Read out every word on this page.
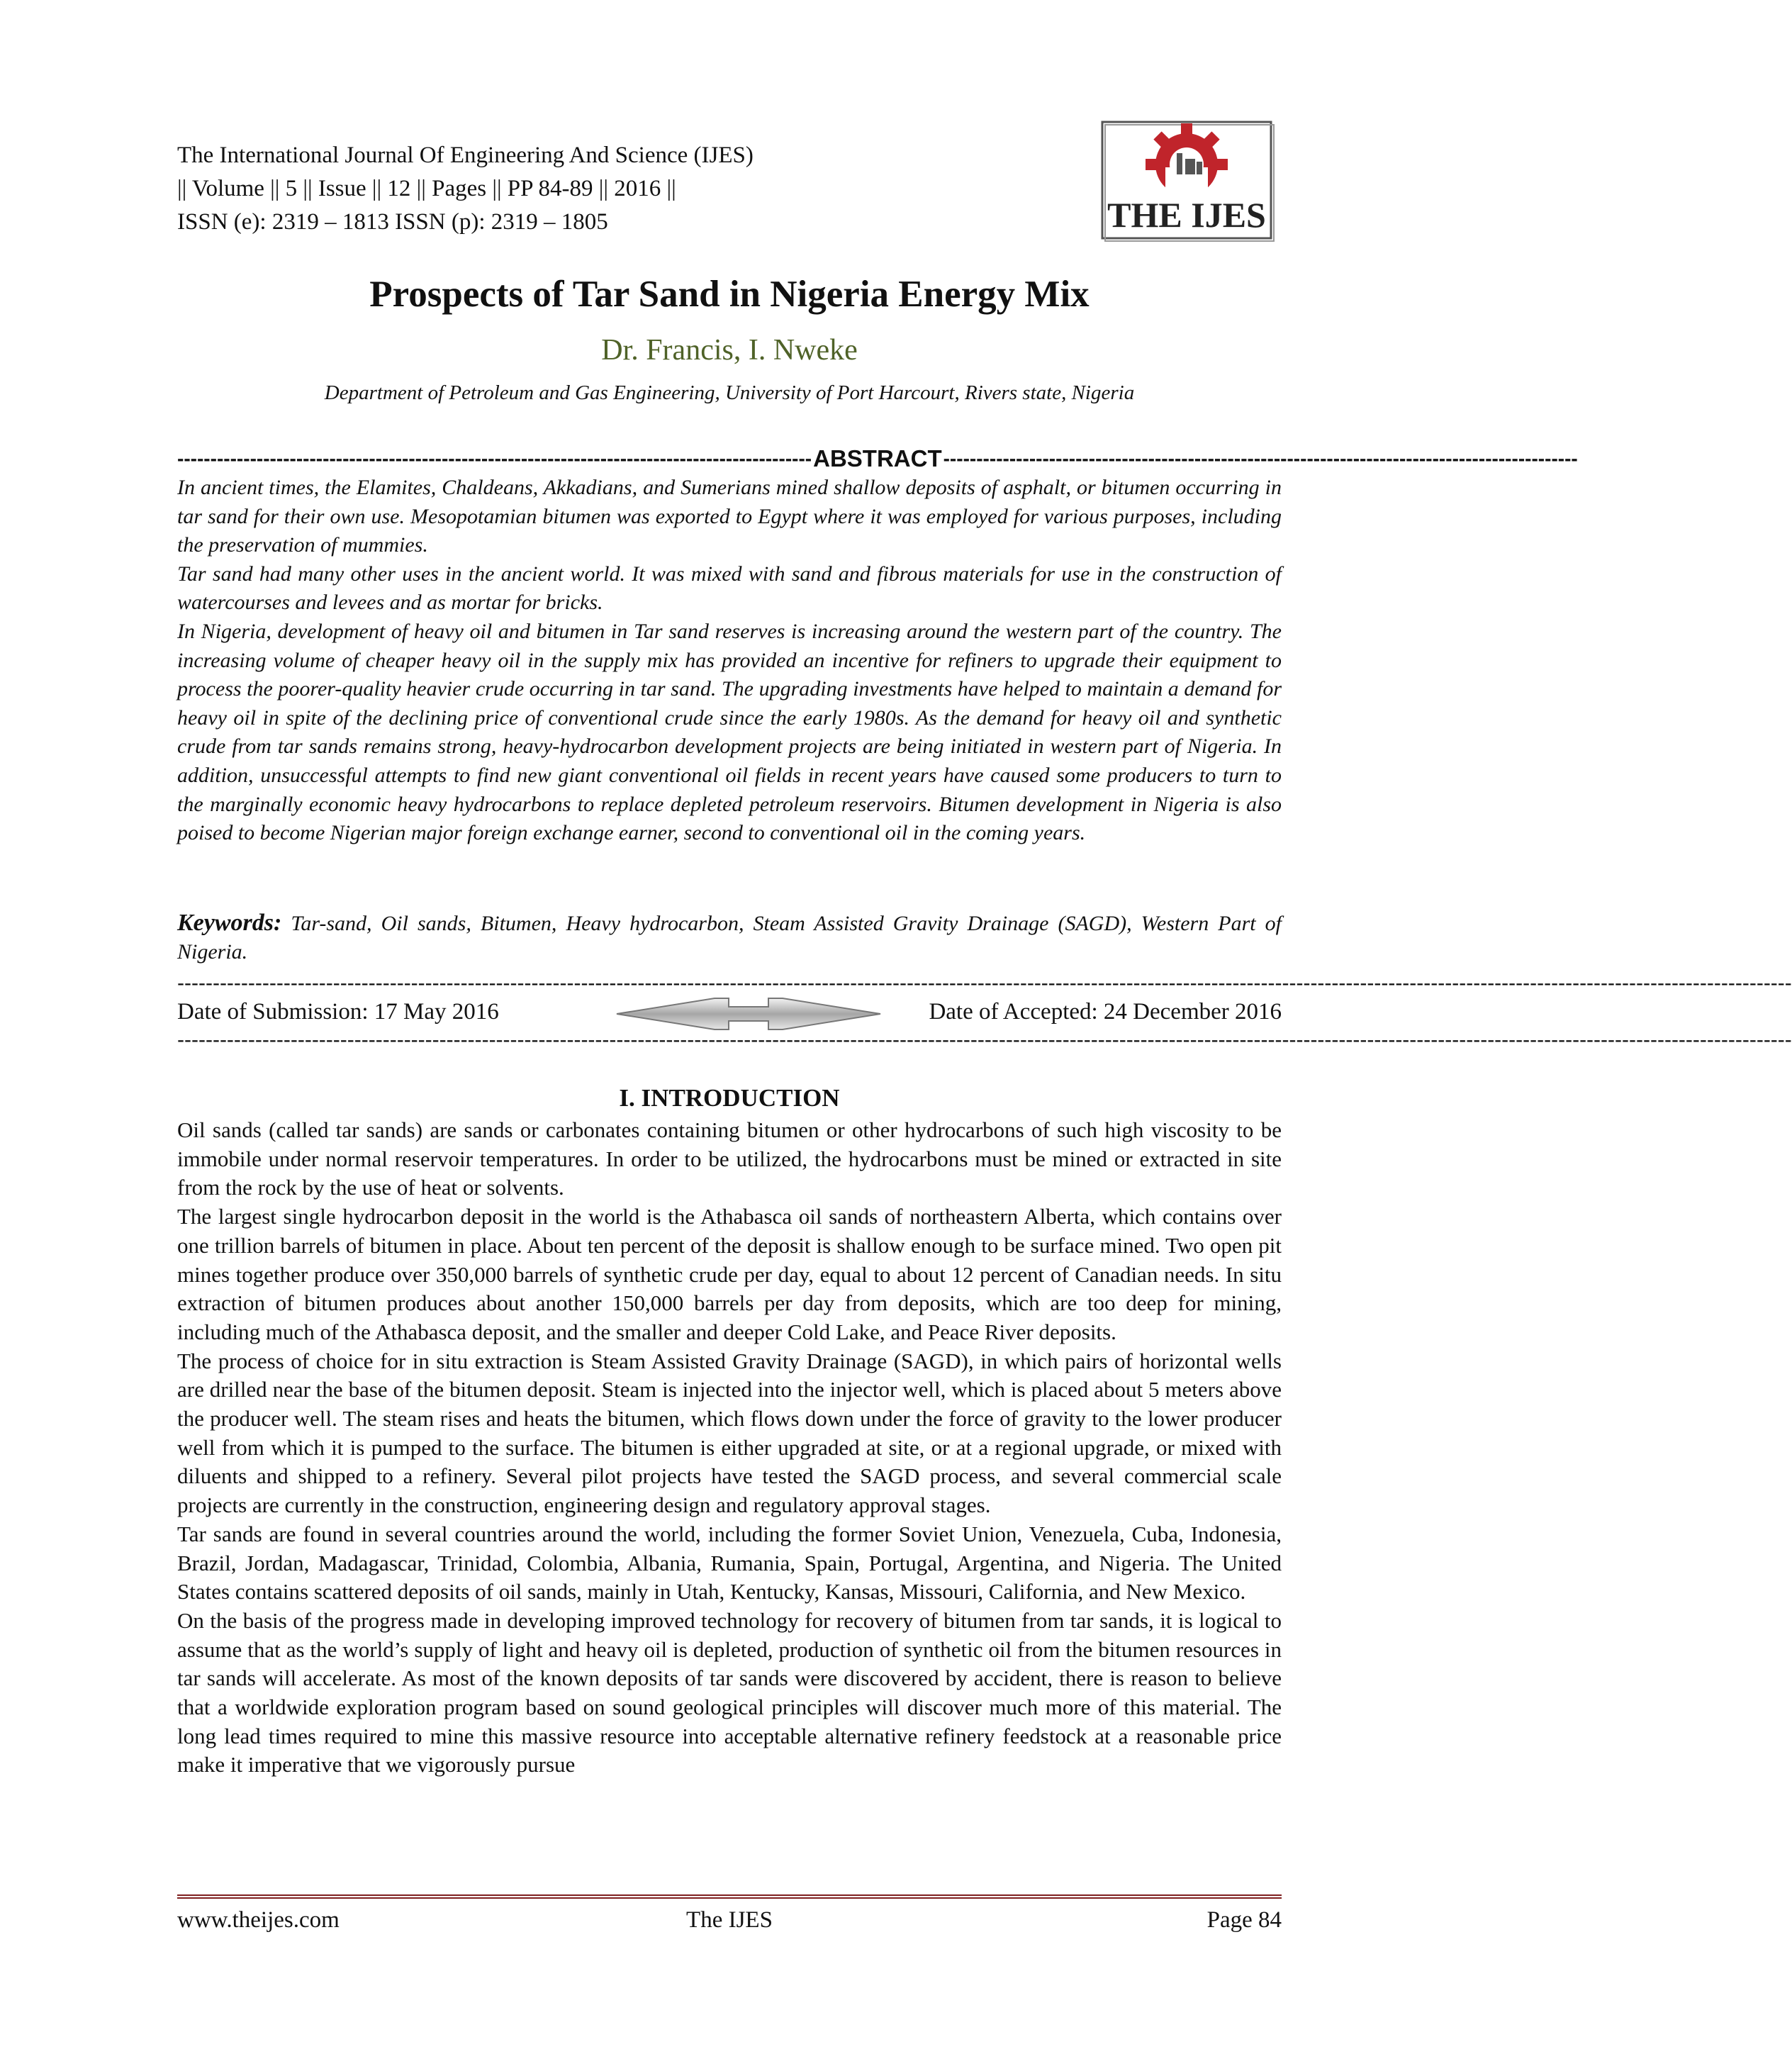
The International Journal Of Engineering And Science (IJES)
|| Volume || 5 || Issue || 12 || Pages || PP 84-89 || 2016 ||
ISSN (e): 2319 – 1813 ISSN (p): 2319 – 1805	THE IJES
Prospects of Tar Sand in Nigeria Energy Mix
Dr. Francis, I. Nweke
Department of Petroleum and Gas Engineering, University of Port Harcourt, Rivers state, Nigeria
------------------------------------------------------------------------------------------------ ABSTRACT ------------------------------------------------------------------------------------------------

In ancient times, the Elamites, Chaldeans, Akkadians, and Sumerians mined shallow deposits of asphalt, or bitumen occurring in tar sand for their own use. Mesopotamian bitumen was exported to Egypt where it was employed for various purposes, including the preservation of mummies.

Tar sand had many other uses in the ancient world. It was mixed with sand and fibrous materials for use in the construction of watercourses and levees and as mortar for bricks.

In Nigeria, development of heavy oil and bitumen in Tar sand reserves is increasing around the western part of the country. The increasing volume of cheaper heavy oil in the supply mix has provided an incentive for refiners to upgrade their equipment to process the poorer-quality heavier crude occurring in tar sand. The upgrading investments have helped to maintain a demand for heavy oil in spite of the declining price of conventional crude since the early 1980s. As the demand for heavy oil and synthetic crude from tar sands remains strong, heavy-hydrocarbon development projects are being initiated in western part of Nigeria. In addition, unsuccessful attempts to find new giant conventional oil fields in recent years have caused some producers to turn to the marginally economic heavy hydrocarbons to replace depleted petroleum reservoirs. Bitumen development in Nigeria is also poised to become Nigerian major foreign exchange earner, second to conventional oil in the coming years.

Keywords: Tar-sand, Oil sands, Bitumen, Heavy hydrocarbon, Steam Assisted Gravity Drainage (SAGD), Western Part of Nigeria.
------------------------------------------------------------------------------------------------------------------------------------------------------------------------------------------------------------------------------------
Date of Submission: 17 May 2016	Date of Accepted: 24 December 2016
------------------------------------------------------------------------------------------------------------------------------------------------------------------------------------------------------------------------------------
I. INTRODUCTION

Oil sands (called tar sands) are sands or carbonates containing bitumen or other hydrocarbons of such high viscosity to be immobile under normal reservoir temperatures. In order to be utilized, the hydrocarbons must be mined or extracted in site from the rock by the use of heat or solvents.

The largest single hydrocarbon deposit in the world is the Athabasca oil sands of northeastern Alberta, which contains over one trillion barrels of bitumen in place. About ten percent of the deposit is shallow enough to be surface mined. Two open pit mines together produce over 350,000 barrels of synthetic crude per day, equal to about 12 percent of Canadian needs. In situ extraction of bitumen produces about another 150,000 barrels per day from deposits, which are too deep for mining, including much of the Athabasca deposit, and the smaller and deeper Cold Lake, and Peace River deposits.

The process of choice for in situ extraction is Steam Assisted Gravity Drainage (SAGD), in which pairs of horizontal wells are drilled near the base of the bitumen deposit. Steam is injected into the injector well, which is placed about 5 meters above the producer well. The steam rises and heats the bitumen, which flows down under the force of gravity to the lower producer well from which it is pumped to the surface. The bitumen is either upgraded at site, or at a regional upgrade, or mixed with diluents and shipped to a refinery. Several pilot projects have tested the SAGD process, and several commercial scale projects are currently in the construction, engineering design and regulatory approval stages.

Tar sands are found in several countries around the world, including the former Soviet Union, Venezuela, Cuba, Indonesia, Brazil, Jordan, Madagascar, Trinidad, Colombia, Albania, Rumania, Spain, Portugal, Argentina, and Nigeria. The United States contains scattered deposits of oil sands, mainly in Utah, Kentucky, Kansas, Missouri, California, and New Mexico.

On the basis of the progress made in developing improved technology for recovery of bitumen from tar sands, it is logical to assume that as the world’s supply of light and heavy oil is depleted, production of synthetic oil from the bitumen resources in tar sands will accelerate. As most of the known deposits of tar sands were discovered by accident, there is reason to believe that a worldwide exploration program based on sound geological principles will discover much more of this material. The long lead times required to mine this massive resource into acceptable alternative refinery feedstock at a reasonable price make it imperative that we vigorously pursue

www.theijes.com	The IJES	Page 84
